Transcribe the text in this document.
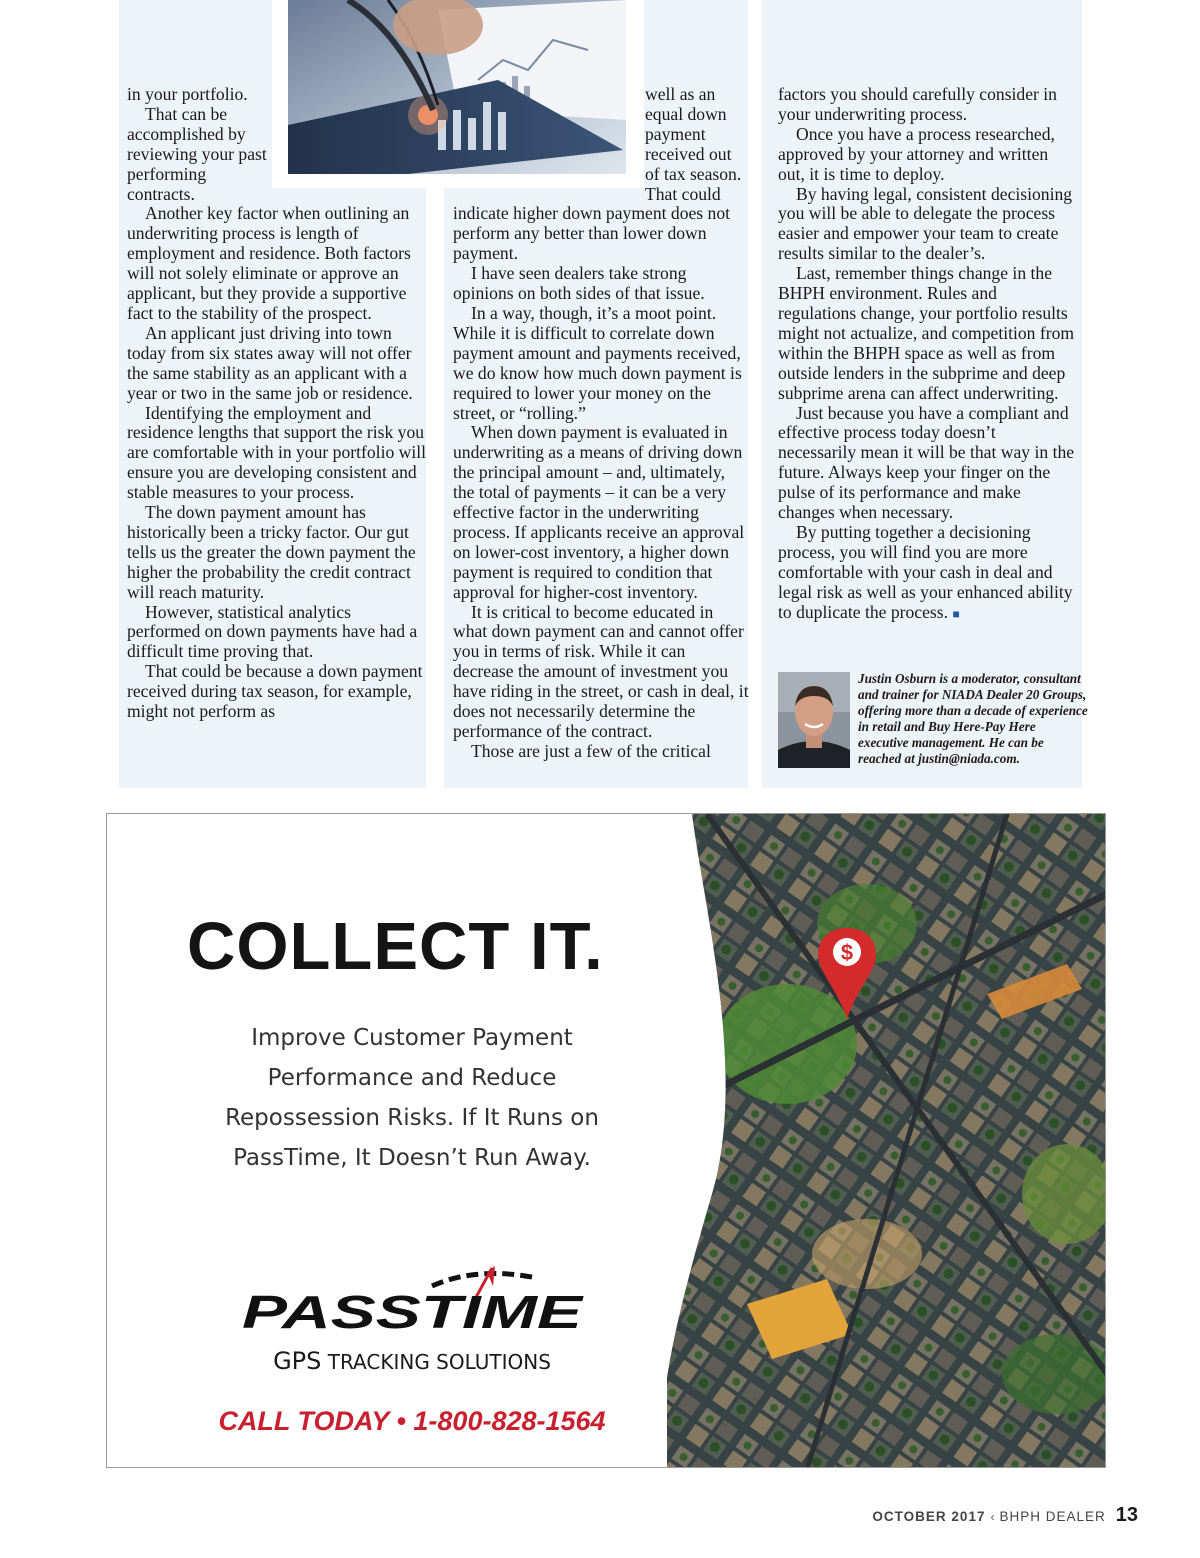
in your portfolio.

That can be accomplished by reviewing your past performing contracts.

Another key factor when outlining an underwriting process is length of employment and residence. Both factors will not solely eliminate or approve an applicant, but they provide a supportive fact to the stability of the prospect.

An applicant just driving into town today from six states away will not offer the same stability as an applicant with a year or two in the same job or residence.

Identifying the employment and residence lengths that support the risk you are comfortable with in your portfolio will ensure you are developing consistent and stable measures to your process.

The down payment amount has historically been a tricky factor. Our gut tells us the greater the down payment the higher the probability the credit contract will reach maturity.

However, statistical analytics performed on down payments have had a difficult time proving that.

That could be because a down payment received during tax season, for example, might not perform as

well as an equal down payment received out of tax season. That could indicate higher down payment does not perform any better than lower down payment.

I have seen dealers take strong opinions on both sides of that issue.

In a way, though, it’s a moot point. While it is difficult to correlate down payment amount and payments received, we do know how much down payment is required to lower your money on the street, or “rolling.”

When down payment is evaluated in underwriting as a means of driving down the principal amount – and, ultimately, the total of payments – it can be a very effective factor in the underwriting process. If applicants receive an approval on lower-cost inventory, a higher down payment is required to condition that approval for higher-cost inventory.

It is critical to become educated in what down payment can and cannot offer you in terms of risk. While it can decrease the amount of investment you have riding in the street, or cash in deal, it does not necessarily determine the performance of the contract.

Those are just a few of the critical

factors you should carefully consider in your underwriting process.

Once you have a process researched, approved by your attorney and written out, it is time to deploy.

By having legal, consistent decisioning you will be able to delegate the process easier and empower your team to create results similar to the dealer’s.

Last, remember things change in the BHPH environment. Rules and regulations change, your portfolio results might not actualize, and competition from within the BHPH space as well as from outside lenders in the subprime and deep subprime arena can affect underwriting.

Just because you have a compliant and effective process today doesn’t necessarily mean it will be that way in the future. Always keep your finger on the pulse of its performance and make changes when necessary.

By putting together a decisioning process, you will find you are more comfortable with your cash in deal and legal risk as well as your enhanced ability to duplicate the process. ■

Justin Osburn is a moderator, consultant and trainer for NIADA Dealer 20 Groups, offering more than a decade of experience in retail and Buy Here-Pay Here executive management. He can be reached at justin@niada.com.
$
COLLECT IT.
Improve Customer Payment
Performance and Reduce
Repossession Risks. If It Runs on
PassTime, It Doesn’t Run Away.
PASSTIME
GPS TRACKING SOLUTIONS
CALL TODAY • 1-800-828-1564
OCTOBER 2017 ‹ BHPH DEALER 13
